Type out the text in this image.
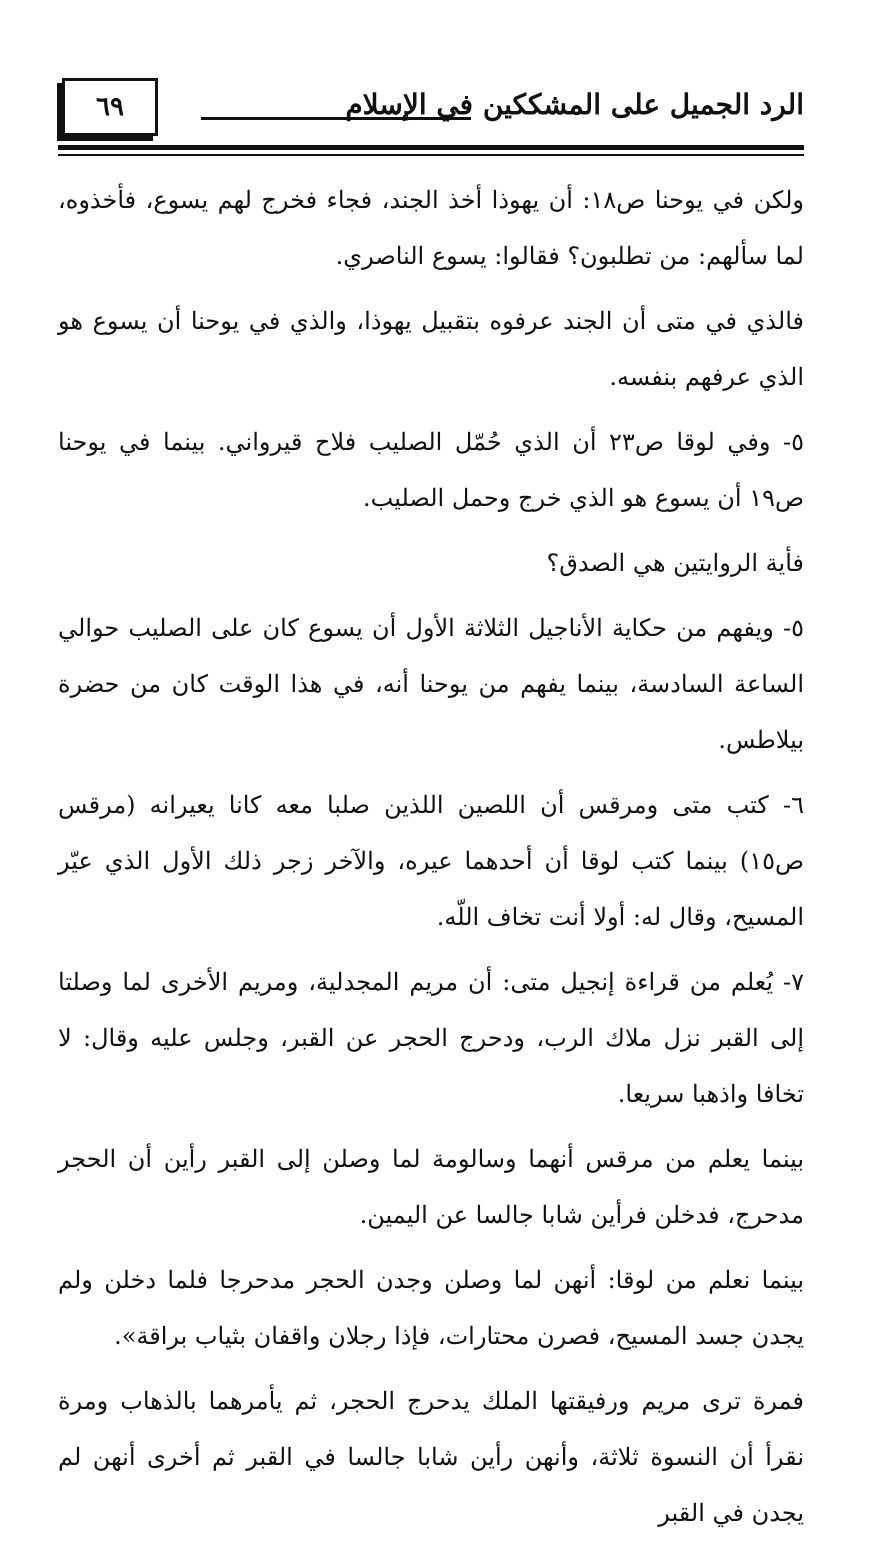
٦٩	الرد الجميل على المشككين في الإسلام

ولكن في يوحنا ص١٨: أن يهوذا أخذ الجند، فجاء فخرج لهم يسوع، فأخذوه، لما سألهم: من تطلبون؟ فقالوا: يسوع الناصري.

فالذي في متى أن الجند عرفوه بتقبيل يهوذا، والذي في يوحنا أن يسوع هو الذي عرفهم بنفسه.

٥- وفي لوقا ص٢٣ أن الذي حُمّل الصليب فلاح قيرواني. بينما في يوحنا ص١٩ أن يسوع هو الذي خرج وحمل الصليب.

فأية الروايتين هي الصدق؟

٥- ويفهم من حكاية الأناجيل الثلاثة الأول أن يسوع كان على الصليب حوالي الساعة السادسة، بينما يفهم من يوحنا أنه، في هذا الوقت كان من حضرة بيلاطس.

٦- كتب متى ومرقس أن اللصين اللذين صلبا معه كانا يعيرانه (مرقس ص١٥) بينما كتب لوقا أن أحدهما عيره، والآخر زجر ذلك الأول الذي عيّر المسيح، وقال له: أولا أنت تخاف اللّه.

٧- يُعلم من قراءة إنجيل متى: أن مريم المجدلية، ومريم الأخرى لما وصلتا إلى القبر نزل ملاك الرب، ودحرج الحجر عن القبر، وجلس عليه وقال: لا تخافا واذهبا سريعا.

بينما يعلم من مرقس أنهما وسالومة لما وصلن إلى القبر رأين أن الحجر مدحرج، فدخلن فرأين شابا جالسا عن اليمين.

بينما نعلم من لوقا: أنهن لما وصلن وجدن الحجر مدحرجا فلما دخلن ولم يجدن جسد المسيح، فصرن محتارات، فإذا رجلان واقفان بثياب براقة».

فمرة ترى مريم ورفيقتها الملك يدحرج الحجر، ثم يأمرهما بالذهاب ومرة نقرأ أن النسوة ثلاثة، وأنهن رأين شابا جالسا في القبر ثم أخرى أنهن لم يجدن في القبر
